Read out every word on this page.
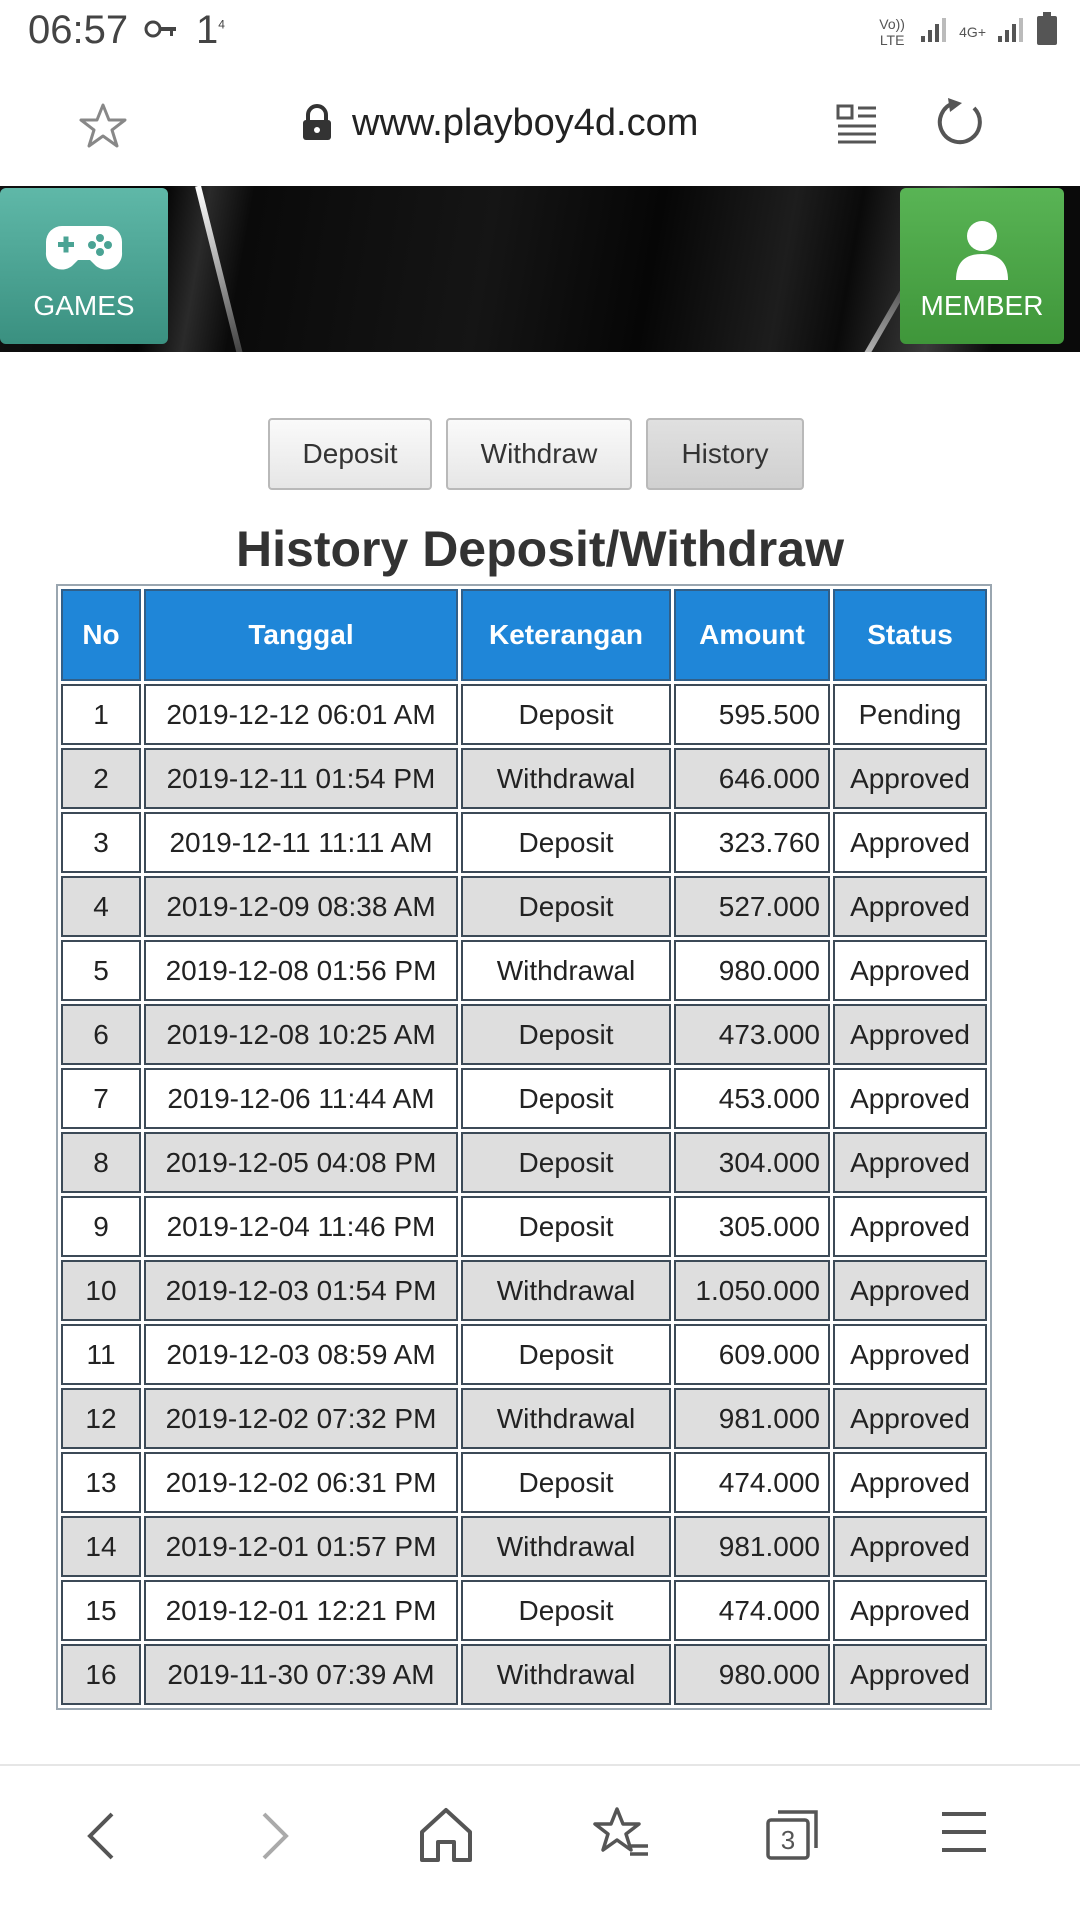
06:57 $1^4$	Vo)) LTE	4G+
www.playboy4d.com
GAMES	MEMBER
Deposit	Withdraw	History
History Deposit/Withdraw
No	Tanggal	Keterangan	Amount	Status
1	2019-12-12 06:01 AM	Deposit	595.500	Pending
2	2019-12-11 01:54 PM	Withdrawal	646.000	Approved
3	2019-12-11 11:11 AM	Deposit	323.760	Approved
4	2019-12-09 08:38 AM	Deposit	527.000	Approved
5	2019-12-08 01:56 PM	Withdrawal	980.000	Approved
6	2019-12-08 10:25 AM	Deposit	473.000	Approved
7	2019-12-06 11:44 AM	Deposit	453.000	Approved
8	2019-12-05 04:08 PM	Deposit	304.000	Approved
9	2019-12-04 11:46 PM	Deposit	305.000	Approved
10	2019-12-03 01:54 PM	Withdrawal	1.050.000	Approved
11	2019-12-03 08:59 AM	Deposit	609.000	Approved
12	2019-12-02 07:32 PM	Withdrawal	981.000	Approved
13	2019-12-02 06:31 PM	Deposit	474.000	Approved
14	2019-12-01 01:57 PM	Withdrawal	981.000	Approved
15	2019-12-01 12:21 PM	Deposit	474.000	Approved
16	2019-11-30 07:39 AM	Withdrawal	980.000	Approved
3
